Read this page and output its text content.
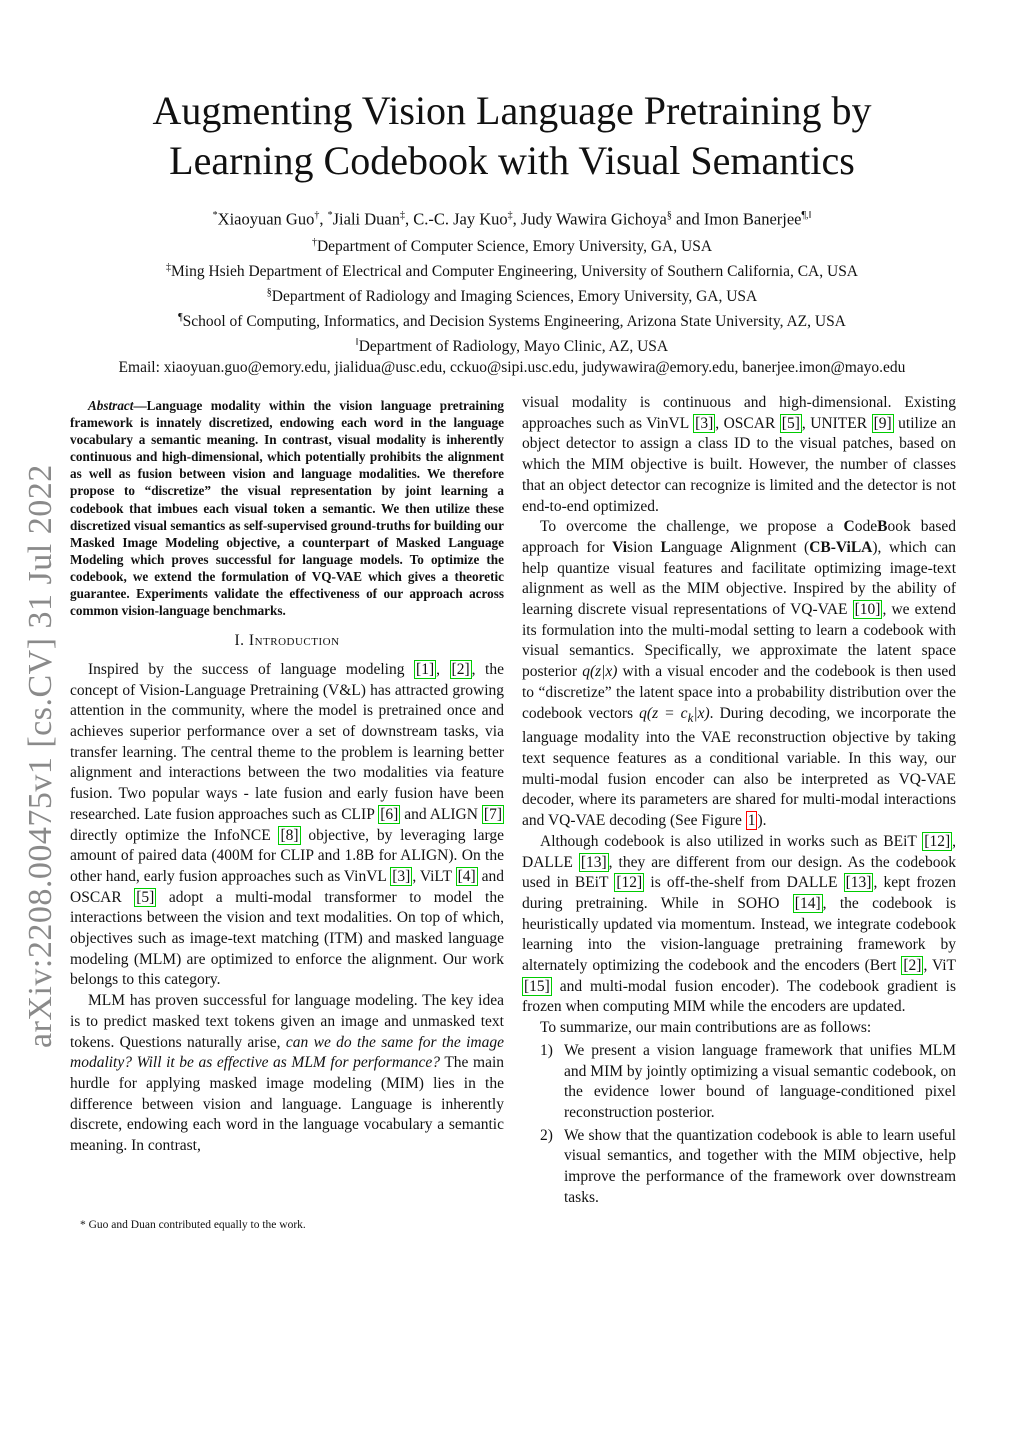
arXiv:2208.00475v1 [cs.CV] 31 Jul 2022
Augmenting Vision Language Pretraining by
Learning Codebook with Visual Semantics
*Xiaoyuan Guo†, *Jiali Duan‡, C.-C. Jay Kuo‡, Judy Wawira Gichoya§ and Imon Banerjee¶,‖
†Department of Computer Science, Emory University, GA, USA
‡Ming Hsieh Department of Electrical and Computer Engineering, University of Southern California, CA, USA
§Department of Radiology and Imaging Sciences, Emory University, GA, USA
¶School of Computing, Informatics, and Decision Systems Engineering, Arizona State University, AZ, USA
‖Department of Radiology, Mayo Clinic, AZ, USA
Email: xiaoyuan.guo@emory.edu, jialidua@usc.edu, cckuo@sipi.usc.edu, judywawira@emory.edu, banerjee.imon@mayo.edu

Abstract—Language modality within the vision language pretraining framework is innately discretized, endowing each word in the language vocabulary a semantic meaning. In contrast, visual modality is inherently continuous and high-dimensional, which potentially prohibits the alignment as well as fusion between vision and language modalities. We therefore propose to “discretize” the visual representation by joint learning a codebook that imbues each visual token a semantic. We then utilize these discretized visual semantics as self-supervised ground-truths for building our Masked Image Modeling objective, a counterpart of Masked Language Modeling which proves successful for language models. To optimize the codebook, we extend the formulation of VQ-VAE which gives a theoretic guarantee. Experiments validate the effectiveness of our approach across common vision-language benchmarks.

I. Introduction

Inspired by the success of language modeling [1] , [2] , the concept of Vision-Language Pretraining (V&L) has attracted growing attention in the community, where the model is pretrained once and achieves superior performance over a set of downstream tasks, via transfer learning. The central theme to the problem is learning better alignment and interactions between the two modalities via feature fusion. Two popular ways - late fusion and early fusion have been researched. Late fusion approaches such as CLIP [6] and ALIGN [7] directly optimize the InfoNCE [8] objective, by leveraging large amount of paired data (400M for CLIP and 1.8B for ALIGN). On the other hand, early fusion approaches such as VinVL [3] , ViLT [4] and OSCAR [5] adopt a multi-modal transformer to model the interactions between the vision and text modalities. On top of which, objectives such as image-text matching (ITM) and masked language modeling (MLM) are optimized to enforce the alignment. Our work belongs to this category.

MLM has proven successful for language modeling. The key idea is to predict masked text tokens given an image and unmasked text tokens. Questions naturally arise, can we do the same for the image modality? Will it be as effective as MLM for performance? The main hurdle for applying masked image modeling (MIM) lies in the difference between vision and language. Language is inherently discrete, endowing each word in the language vocabulary a semantic meaning. In contrast,

* Guo and Duan contributed equally to the work.

visual modality is continuous and high-dimensional. Existing approaches such as VinVL [3] , OSCAR [5] , UNITER [9] utilize an object detector to assign a class ID to the visual patches, based on which the MIM objective is built. However, the number of classes that an object detector can recognize is limited and the detector is not end-to-end optimized.

To overcome the challenge, we propose a CodeBook based approach for Vision Language Alignment (CB-ViLA), which can help quantize visual features and facilitate optimizing image-text alignment as well as the MIM objective. Inspired by the ability of learning discrete visual representations of VQ-VAE [10] , we extend its formulation into the multi-modal setting to learn a codebook with visual semantics. Specifically, we approximate the latent space posterior q(z|x) with a visual encoder and the codebook is then used to “discretize” the latent space into a probability distribution over the codebook vectors $q(z = c_k|x)$. During decoding, we incorporate the language modality into the VAE reconstruction objective by taking text sequence features as a conditional variable. In this way, our multi-modal fusion encoder can also be interpreted as VQ-VAE decoder, where its parameters are shared for multi-modal interactions and VQ-VAE decoding (See Figure 1 ).

Although codebook is also utilized in works such as BEiT [12] , DALLE [13] , they are different from our design. As the codebook used in BEiT [12] is off-the-shelf from DALLE [13] , kept frozen during pretraining. While in SOHO [14] , the codebook is heuristically updated via momentum. Instead, we integrate codebook learning into the vision-language pretraining framework by alternately optimizing the codebook and the encoders (Bert [2] , ViT [15] and multi-modal fusion encoder). The codebook gradient is frozen when computing MIM while the encoders are updated.

To summarize, our main contributions are as follows:

1) We present a vision language framework that unifies MLM and MIM by jointly optimizing a visual semantic codebook, on the evidence lower bound of language-conditioned pixel reconstruction posterior.
2) We show that the quantization codebook is able to learn useful visual semantics, and together with the MIM objective, help improve the performance of the framework over downstream tasks.
